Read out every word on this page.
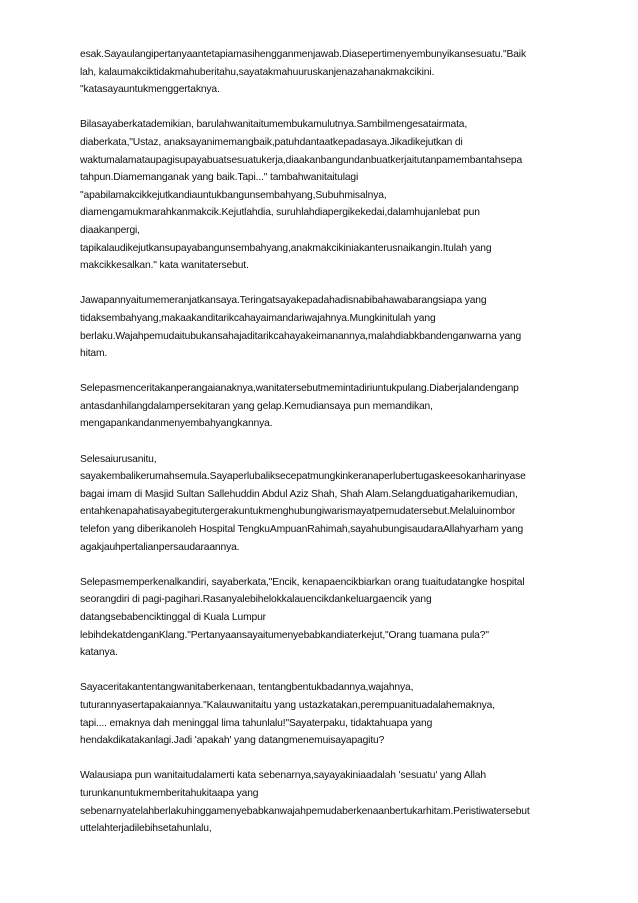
esak.Sayaulangipertanyaantetapiamasihengganmenjawab.Diasepertimenyembunyikansesuatu."Baik
lah, kalaumakciktidakmahuberitahu,sayatakmahuuruskanjenazahanakmakcikini.
"katasayauntukmenggertaknya.

Bilasayaberkatademikian, barulahwanitaitumembukamulutnya.Sambilmengesatairmata,
diaberkata,"Ustaz, anaksayanimemangbaik,patuhdantaatkepadasaya.Jikadikejutkan di
waktumalamataupagisupayabuatsesuatukerja,diaakanbangundanbuatkerjaitutanpamembantahsepa
tahpun.Diamemanganak yang baik.Tapi..." tambahwanitaitulagi
"apabilamakcikkejutkandiauntukbangunsembahyang,Subuhmisalnya,
diamengamukmarahkanmakcik.Kejutlahdia, suruhlahdiapergikekedai,dalamhujanlebat pun
diaakanpergi,
tapikalaudikejutkansupayabangunsembahyang,anakmakcikiniakanterusnaikangin.Itulah yang
makcikkesalkan." kata wanitatersebut.

Jawapannyaitumemeranjatkansaya.Teringatsayakepadahadisnabibahawabarangsiapa yang
tidaksembahyang,makaakanditarikcahayaimandariwajahnya.Mungkinitulah yang
berlaku.Wajahpemudaitubukansahajaditarikcahayakeimanannya,malahdiabkbandenganwarna yang
hitam.

Selepasmenceritakanperangaianaknya,wanitatersebutmemintadiriuntukpulang.Diaberjalandenganp
antasdanhilangdalampersekitaran yang gelap.Kemudiansaya pun memandikan,
mengapankandanmenyembahyangkannya.

Selesaiurusanitu,
sayakembalikerumahsemula.Sayaperlubaliksecepatmungkinkeranaperlubertugaskeesokanharinyase
bagai imam di Masjid Sultan Sallehuddin Abdul Aziz Shah, Shah Alam.Selangduatigaharikemudian,
entahkenapahatisayabegitutergerakuntukmenghubungiwarismayatpemudatersebut.Melaluinombor
telefon yang diberikanoleh Hospital TengkuAmpuanRahimah,sayahubungisaudaraAllahyarham yang
agakjauhpertalianpersaudaraannya.

Selepasmemperkenalkandiri, sayaberkata,"Encik, kenapaencikbiarkan orang tuaitudatangke hospital
seorangdiri di pagi-pagihari.Rasanyalebihelokkalauencikdankeluargaencik yang
datangsebabenciktinggal di Kuala Lumpur
lebihdekatdenganKlang."Pertanyaansayaitumenyebabkandiaterkejut,"Orang tuamana pula?"
katanya.

Sayaceritakantentangwanitaberkenaan, tentangbentukbadannya,wajahnya,
tuturannyasertapakaiannya."Kalauwanitaitu yang ustazkatakan,perempuanituadalahemaknya,
tapi.... emaknya dah meninggal lima tahunlalu!"Sayaterpaku, tidaktahuapa yang
hendakdikatakanlagi.Jadi 'apakah' yang datangmenemuisayapagitu?

Walausiapa pun wanitaitudalamerti kata sebenarnya,sayayakiniaadalah 'sesuatu' yang Allah
turunkanuntukmemberitahukitaapa yang
sebenarnyatelahberlakuhinggamenyebabkanwajahpemudaberkenaanbertukarhitam.Peristiwatersebut
uttelahterjadilebihsetahunlalu,
